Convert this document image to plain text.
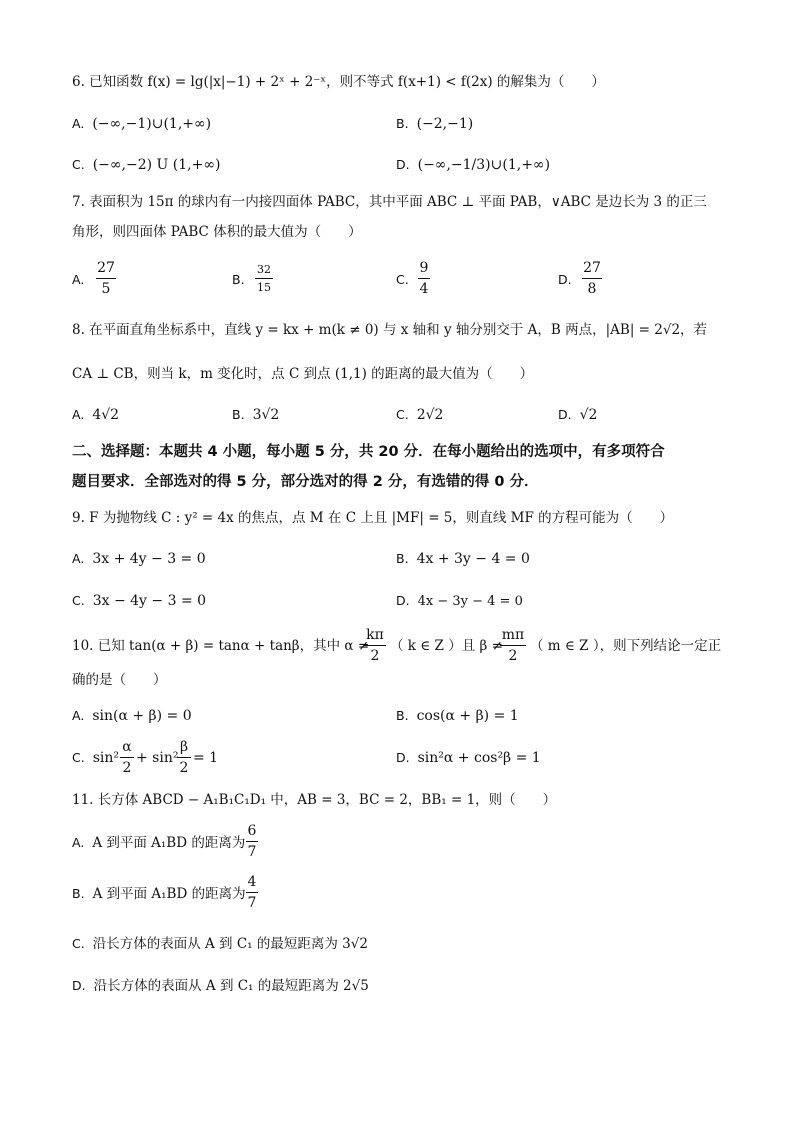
6. 已知函数 f(x) = lg(|x|−1) + 2ˣ + 2⁻ˣ，则不等式 f(x+1) < f(2x) 的解集为（　　）
A. (−∞,−1)∪(1,+∞)	B. (−2,−1)
C. (−∞,−2) U (1,+∞)	D. (−∞,−1/3)∪(1,+∞)
7. 表面积为 15π 的球内有一内接四面体 PABC，其中平面 ABC ⊥ 平面 PAB，∨ABC 是边长为 3 的正三
角形，则四面体 PABC 体积的最大值为（　　）
A.
27
5
B.
32
15
C.
9
4
D.
27
8
8. 在平面直角坐标系中，直线 y = kx + m(k ≠ 0) 与 x 轴和 y 轴分别交于 A，B 两点，|AB| = 2√2，若
CA ⊥ CB，则当 k，m 变化时，点 C 到点 (1,1) 的距离的最大值为（　　）
A. 4√2	B. 3√2	C. 2√2	D. √2
二、选择题：本题共 4 小题，每小题 5 分，共 20 分．在每小题给出的选项中，有多项符合
题目要求．全部选对的得 5 分，部分选对的得 2 分，有选错的得 0 分．
9. F 为抛物线 C : y² = 4x 的焦点，点 M 在 C 上且 |MF| = 5，则直线 MF 的方程可能为（　　）
A. 3x + 4y − 3 = 0	B. 4x + 3y − 4 = 0
C. 3x − 4y − 3 = 0	D. 4x − 3y − 4 = 0
10. 已知 tan(α + β) = tanα + tanβ，其中 α ≠
kπ
2
（ k ∈ Z ）且 β ≠
mπ
2
（ m ∈ Z ），则下列结论一定正
确的是（　　）
A. sin(α + β) = 0	B. cos(α + β) = 1
C. sin²
α
2
+ sin²
β
2
= 1	D. sin²α + cos²β = 1
11. 长方体 ABCD − A₁B₁C₁D₁ 中，AB = 3，BC = 2，BB₁ = 1，则（　　）
A. A 到平面 A₁BD 的距离为
6
7
B. A 到平面 A₁BD 的距离为
4
7
C. 沿长方体的表面从 A 到 C₁ 的最短距离为 3√2
D. 沿长方体的表面从 A 到 C₁ 的最短距离为 2√5
